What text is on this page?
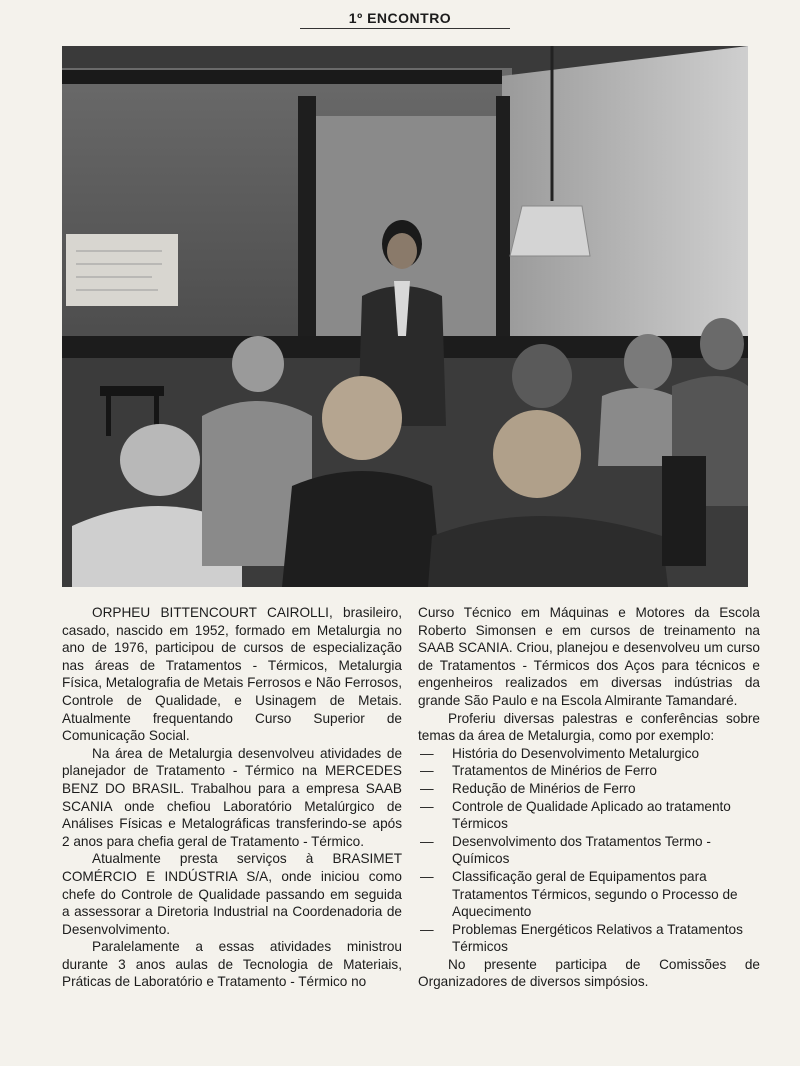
1º ENCONTRO

ORPHEU BITTENCOURT CAIROLLI, brasileiro, casado, nascido em 1952, formado em Metalurgia no ano de 1976, participou de cursos de especialização nas áreas de Tratamentos - Térmicos, Metalurgia Física, Metalografia de Metais Ferrosos e Não Ferrosos, Controle de Qualidade, e Usinagem de Metais. Atualmente frequentando Curso Superior de Comunicação Social.

Na área de Metalurgia desenvolveu atividades de planejador de Tratamento - Térmico na MERCEDES BENZ DO BRASIL. Trabalhou para a empresa SAAB SCANIA onde chefiou Laboratório Metalúrgico de Análises Físicas e Metalográficas transferindo-se após 2 anos para chefia geral de Tratamento - Térmico.

Atualmente presta serviços à BRASIMET COMÉRCIO E INDÚSTRIA S/A, onde iniciou como chefe do Controle de Qualidade passando em seguida a assessorar a Diretoria Industrial na Coordenadoria de Desenvolvimento.

Paralelamente a essas atividades ministrou durante 3 anos aulas de Tecnologia de Materiais, Práticas de Laboratório e Tratamento - Térmico no

Curso Técnico em Máquinas e Motores da Escola Roberto Simonsen e em cursos de treinamento na SAAB SCANIA. Criou, planejou e desenvolveu um curso de Tratamentos - Térmicos dos Aços para técnicos e engenheiros realizados em diversas indústrias da grande São Paulo e na Escola Almirante Tamandaré.

Proferiu diversas palestras e conferências sobre temas da área de Metalurgia, como por exemplo:

— História do Desenvolvimento Metalurgico
— Tratamentos de Minérios de Ferro
— Redução de Minérios de Ferro
— Controle de Qualidade Aplicado ao tratamento Térmicos
— Desenvolvimento dos Tratamentos Termo - Químicos
— Classificação geral de Equipamentos para Tratamentos Térmicos, segundo o Processo de Aquecimento
— Problemas Energéticos Relativos a Tratamentos Térmicos

No presente participa de Comissões de Organizadores de diversos simpósios.
